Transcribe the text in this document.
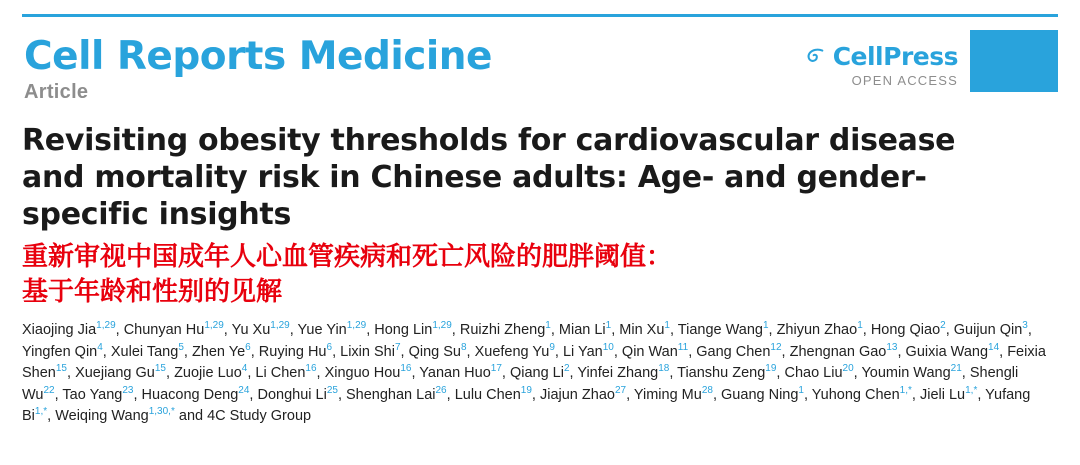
Cell Reports Medicine	CellPress
OPEN ACCESS
Article
Revisiting obesity thresholds for cardiovascular disease and mortality risk in Chinese adults: Age- and gender-specific insights
重新审视中国成年人心血管疾病和死亡风险的肥胖阈值：
基于年龄和性别的见解
Xiaojing Jia$^{1,29}$, Chunyan Hu$^{1,29}$, Yu Xu$^{1,29}$, Yue Yin$^{1,29}$, Hong Lin$^{1,29}$, Ruizhi Zheng$^1$, Mian Li$^1$, Min Xu$^1$, Tiange Wang$^1$, Zhiyun Zhao$^1$, Hong Qiao$^2$, Guijun Qin$^3$, Yingfen Qin$^4$, Xulei Tang$^5$, Zhen Ye$^6$, Ruying Hu$^6$, Lixin Shi$^7$, Qing Su$^8$, Xuefeng Yu$^9$, Li Yan$^{10}$, Qin Wan$^{11}$, Gang Chen$^{12}$, Zhengnan Gao$^{13}$, Guixia Wang$^{14}$, Feixia Shen$^{15}$, Xuejiang Gu$^{15}$, Zuojie Luo$^4$, Li Chen$^{16}$, Xinguo Hou$^{16}$, Yanan Huo$^{17}$, Qiang Li$^2$, Yinfei Zhang$^{18}$, Tianshu Zeng$^{19}$, Chao Liu$^{20}$, Youmin Wang$^{21}$, Shengli Wu$^{22}$, Tao Yang$^{23}$, Huacong Deng$^{24}$, Donghui Li$^{25}$, Shenghan Lai$^{26}$, Lulu Chen$^{19}$, Jiajun Zhao$^{27}$, Yiming Mu$^{28}$, Guang Ning$^1$, Yuhong Chen$^{1,*}$, Jieli $Lu^{1,*}$, Yufang $Bi^{1,*}$, Weiqing Wang$^{1,30,*}$ and 4C Study Group
